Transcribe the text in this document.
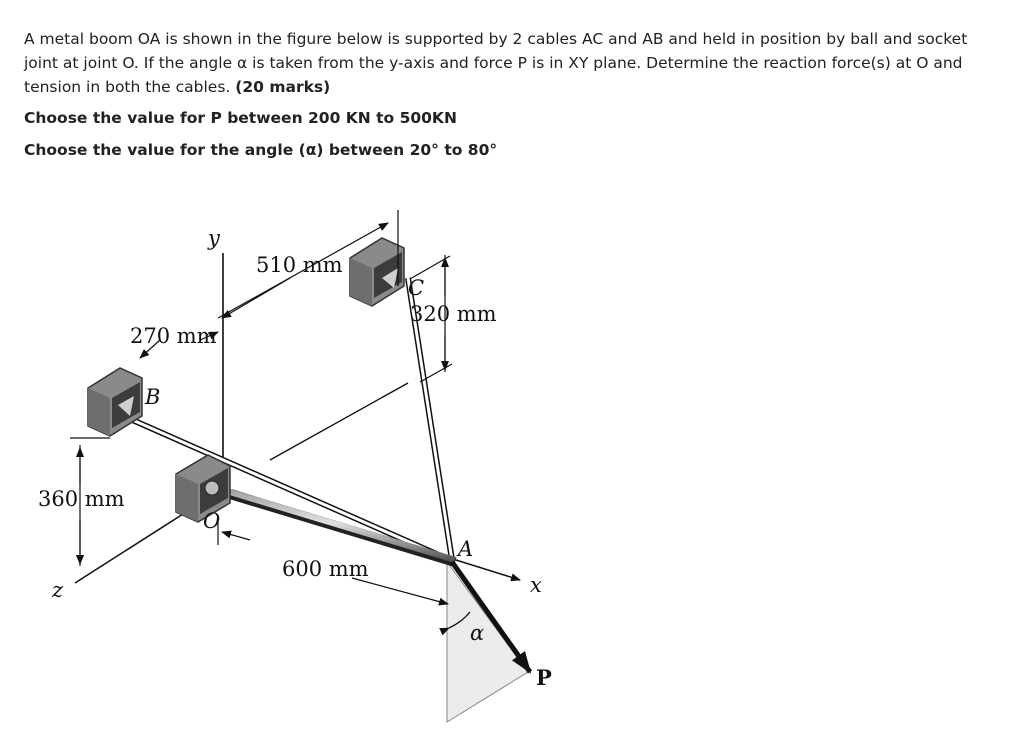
A metal boom OA is shown in the figure below is supported by 2 cables AC and AB and held in position by ball and socket joint at joint O. If the angle α is taken from the y-axis and force P is in XY plane. Determine the reaction force(s) at O and tension in both the cables. (20 marks)
Choose the value for P between 200 KN to 500KN
Choose the value for the angle (α) between 20° to 80°
510 mm
320 mm
270 mm
360 mm
600 mm
A
B
C
O
x
y
z
α
P
